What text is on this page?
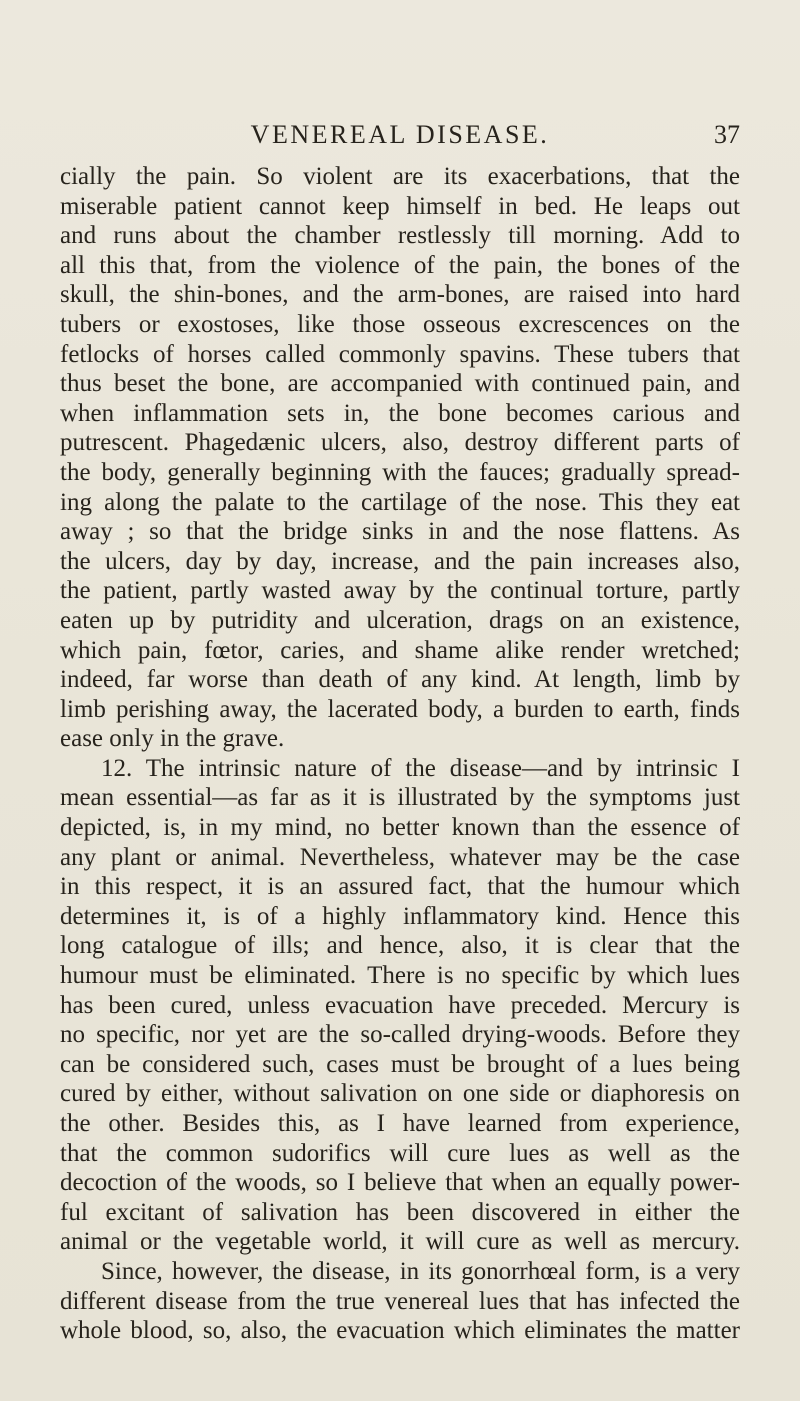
VENEREAL DISEASE.	37
cially the pain. So violent are its exacerbations, that the
miserable patient cannot keep himself in bed. He leaps out
and runs about the chamber restlessly till morning. Add to
all this that, from the violence of the pain, the bones of the
skull, the shin-bones, and the arm-bones, are raised into hard
tubers or exostoses, like those osseous excrescences on the
fetlocks of horses called commonly spavins. These tubers that
thus beset the bone, are accompanied with continued pain, and
when inflammation sets in, the bone becomes carious and
putrescent. Phagedænic ulcers, also, destroy different parts of
the body, generally beginning with the fauces; gradually spread-
ing along the palate to the cartilage of the nose. This they eat
away ; so that the bridge sinks in and the nose flattens. As
the ulcers, day by day, increase, and the pain increases also,
the patient, partly wasted away by the continual torture, partly
eaten up by putridity and ulceration, drags on an existence,
which pain, fœtor, caries, and shame alike render wretched;
indeed, far worse than death of any kind. At length, limb by
limb perishing away, the lacerated body, a burden to earth, finds
ease only in the grave.
12. The intrinsic nature of the disease—and by intrinsic I
mean essential—as far as it is illustrated by the symptoms just
depicted, is, in my mind, no better known than the essence of
any plant or animal. Nevertheless, whatever may be the case
in this respect, it is an assured fact, that the humour which
determines it, is of a highly inflammatory kind. Hence this
long catalogue of ills; and hence, also, it is clear that the
humour must be eliminated. There is no specific by which lues
has been cured, unless evacuation have preceded. Mercury is
no specific, nor yet are the so-called drying-woods. Before they
can be considered such, cases must be brought of a lues being
cured by either, without salivation on one side or diaphoresis on
the other. Besides this, as I have learned from experience,
that the common sudorifics will cure lues as well as the
decoction of the woods, so I believe that when an equally power-
ful excitant of salivation has been discovered in either the
animal or the vegetable world, it will cure as well as mercury.
Since, however, the disease, in its gonorrhœal form, is a very
different disease from the true venereal lues that has infected the
whole blood, so, also, the evacuation which eliminates the matter
